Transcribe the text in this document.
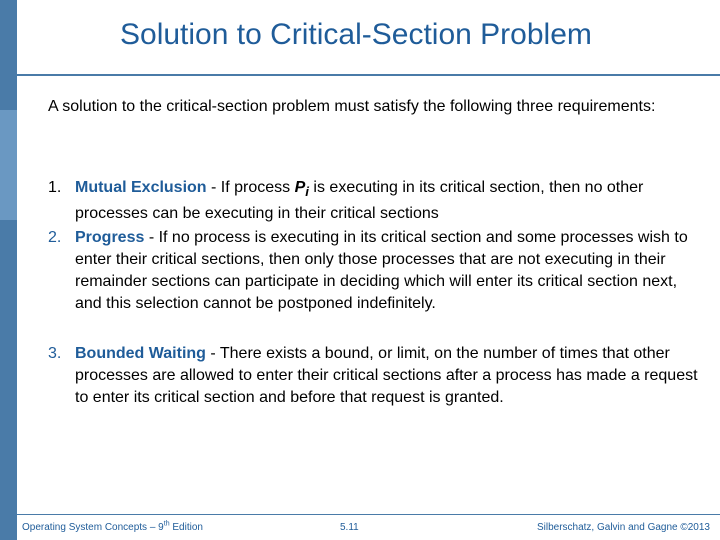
Solution to Critical-Section Problem
A solution to the critical-section problem must satisfy the following three requirements:
1. Mutual Exclusion - If process $P_i$ is executing in its critical section, then no other processes can be executing in their critical sections
2. Progress - If no process is executing in its critical section and some processes wish to enter their critical sections, then only those processes that are not executing in their remainder sections can participate in deciding which will enter its critical section next, and this selection cannot be postponed indefinitely.
3. Bounded Waiting - There exists a bound, or limit, on the number of times that other processes are allowed to enter their critical sections after a process has made a request to enter its critical section and before that request is granted.
Operating System Concepts – 9th Edition	5.11	Silberschatz, Galvin and Gagne ©2013
